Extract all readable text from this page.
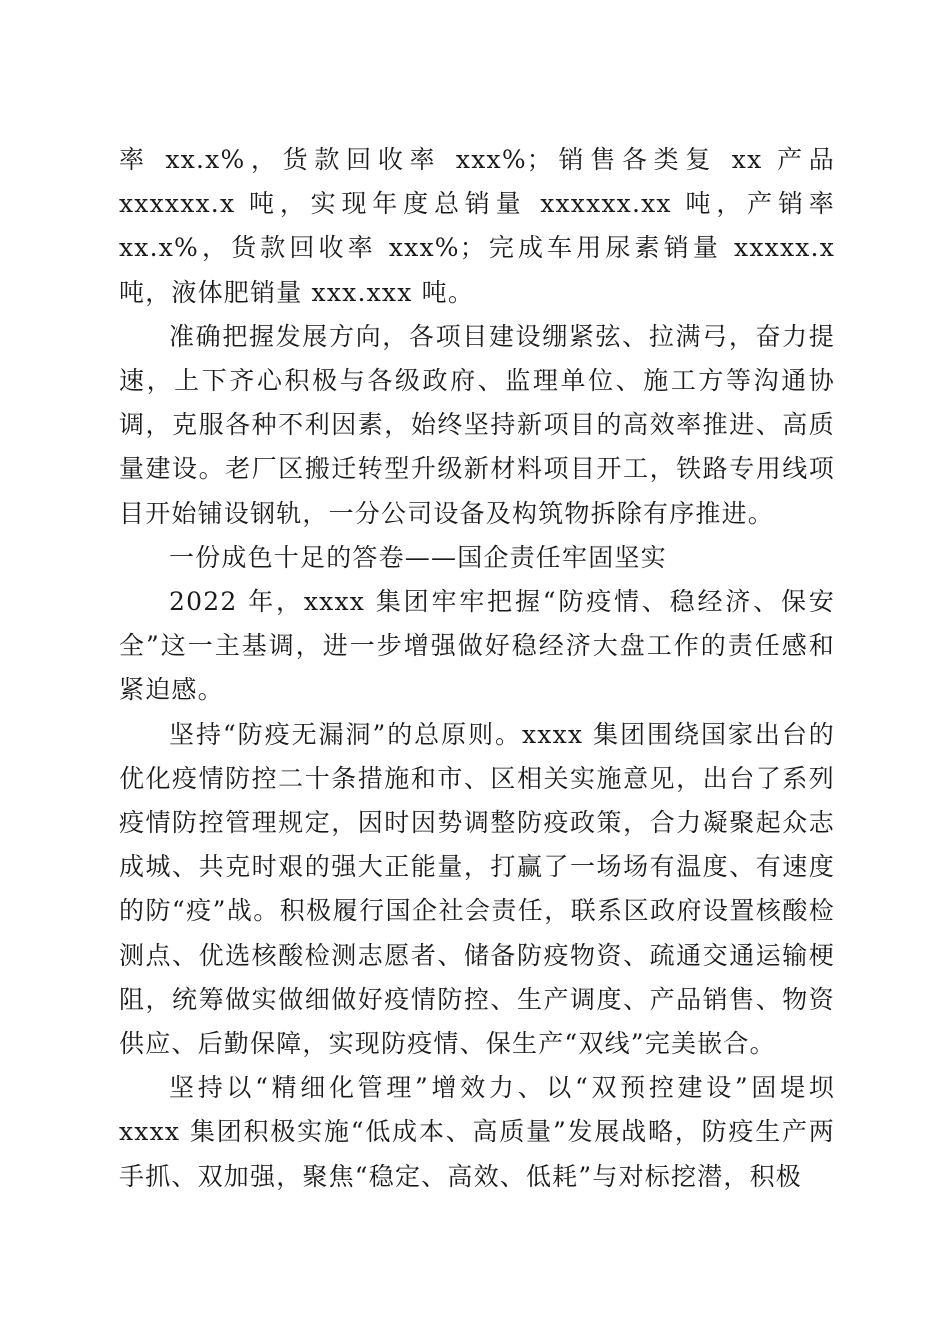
率 xx.x%，货款回收率 xxx%；销售各类复 xx 产品 xxxxxx.x 吨，实现年度总销量 xxxxxx.xx 吨，产销率 xx.x%，货款回收率 xxx%；完成车用尿素销量 xxxxx.x 吨，液体肥销量 xxx.xxx 吨。

准确把握发展方向，各项目建设绷紧弦、拉满弓，奋力提速，上下齐心积极与各级政府、监理单位、施工方等沟通协调，克服各种不利因素，始终坚持新项目的高效率推进、高质量建设。老厂区搬迁转型升级新材料项目开工，铁路专用线项目开始铺设钢轨，一分公司设备及构筑物拆除有序推进。

一份成色十足的答卷——国企责任牢固坚实

2022 年，xxxx 集团牢牢把握“防疫情、稳经济、保安全”这一主基调，进一步增强做好稳经济大盘工作的责任感和紧迫感。

坚持“防疫无漏洞”的总原则。xxxx 集团围绕国家出台的优化疫情防控二十条措施和市、区相关实施意见，出台了系列疫情防控管理规定，因时因势调整防疫政策，合力凝聚起众志成城、共克时艰的强大正能量，打赢了一场场有温度、有速度的防“疫”战。积极履行国企社会责任，联系区政府设置核酸检测点、优选核酸检测志愿者、储备防疫物资、疏通交通运输梗阻，统筹做实做细做好疫情防控、生产调度、产品销售、物资供应、后勤保障，实现防疫情、保生产“双线”完美嵌合。

坚持以“精细化管理”增效力、以“双预控建设”固堤坝 xxxx 集团积极实施“低成本、高质量”发展战略，防疫生产两手抓、双加强，聚焦“稳定、高效、低耗”与对标挖潜，积极
